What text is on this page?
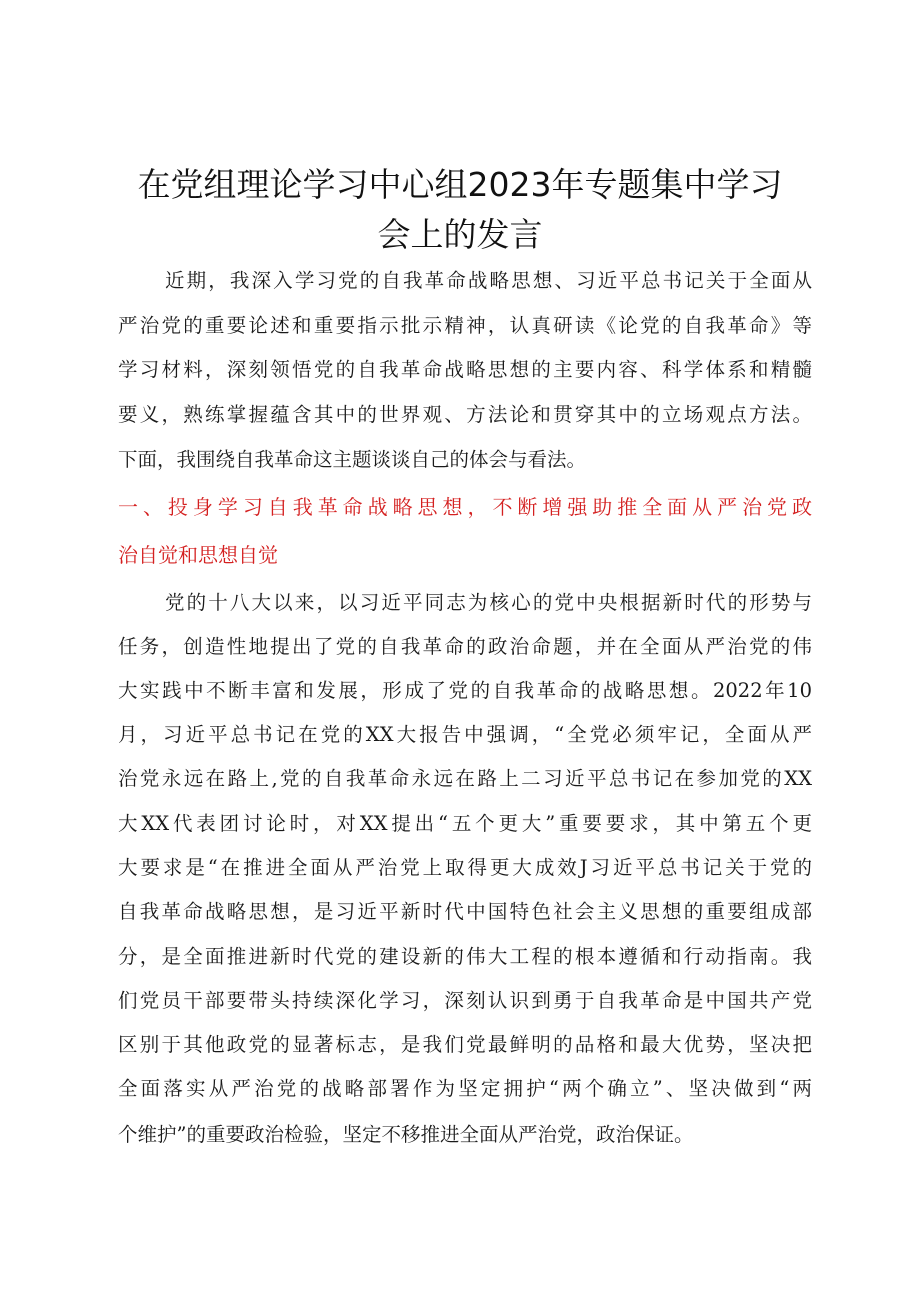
在党组理论学习中心组2023年专题集中学习
会上的发言

近期，我深入学习党的自我革命战略思想、习近平总书记关于全面从

严治党的重要论述和重要指示批示精神，认真研读《论党的自我革命》等

学习材料，深刻领悟党的自我革命战略思想的主要内容、科学体系和精髓

要义，熟练掌握蕴含其中的世界观、方法论和贯穿其中的立场观点方法。

下面，我围绕自我革命这主题谈谈自己的体会与看法。

一、投身学习自我革命战略思想，不断增强助推全面从严治党政

治自觉和思想自觉

党的十八大以来，以习近平同志为核心的党中央根据新时代的形势与

任务，创造性地提出了党的自我革命的政治命题，并在全面从严治党的伟

大实践中不断丰富和发展，形成了党的自我革命的战略思想。2022年10

月，习近平总书记在党的XX大报告中强调，“全党必须牢记，全面从严

治党永远在路上,党的自我革命永远在路上二习近平总书记在参加党的XX

大XX代表团讨论时，对XX提出“五个更大”重要要求，其中第五个更

大要求是“在推进全面从严治党上取得更大成效J习近平总书记关于党的

自我革命战略思想，是习近平新时代中国特色社会主义思想的重要组成部

分，是全面推进新时代党的建设新的伟大工程的根本遵循和行动指南。我

们党员干部要带头持续深化学习，深刻认识到勇于自我革命是中国共产党

区别于其他政党的显著标志，是我们党最鲜明的品格和最大优势，坚决把

全面落实从严治党的战略部署作为坚定拥护“两个确立”、坚决做到“两

个维护”的重要政治检验，坚定不移推进全面从严治党，政治保证。
